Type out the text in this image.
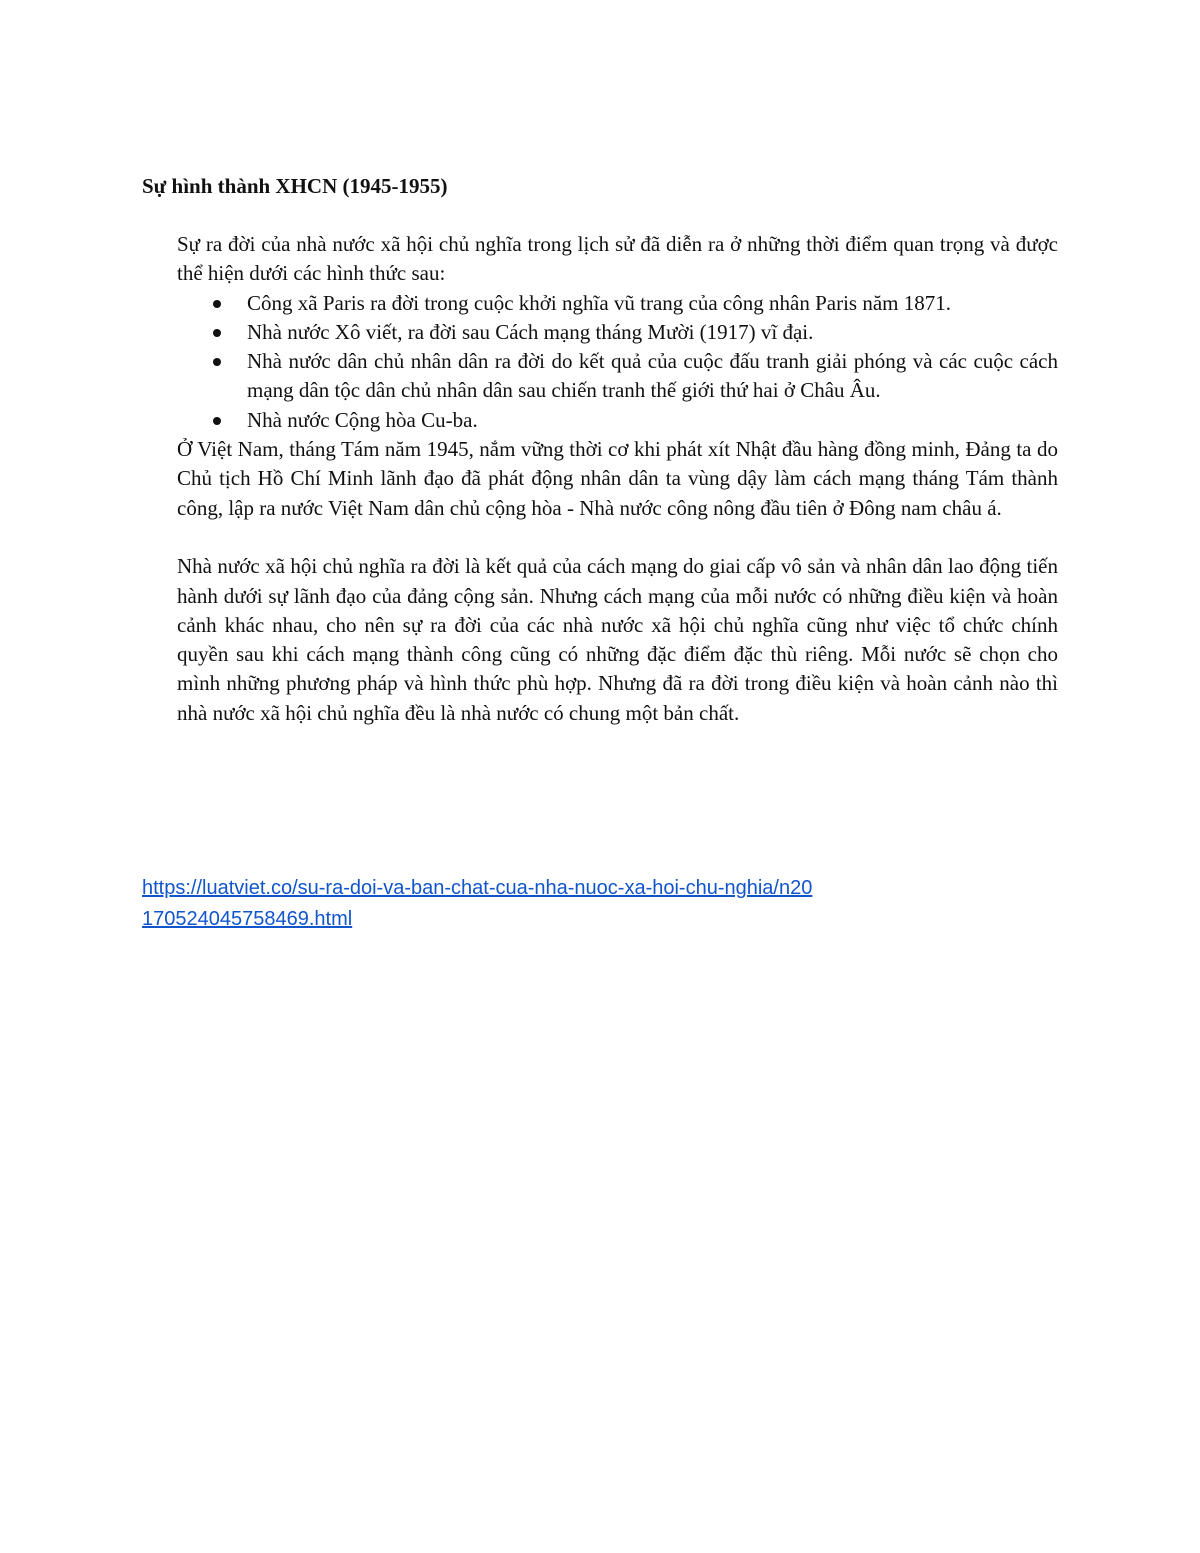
Sự hình thành XHCN (1945-1955)

Sự ra đời của nhà nước xã hội chủ nghĩa trong lịch sử đã diễn ra ở những thời điểm quan trọng và được thể hiện dưới các hình thức sau:

Công xã Paris ra đời trong cuộc khởi nghĩa vũ trang của công nhân Paris năm 1871.
Nhà nước Xô viết, ra đời sau Cách mạng tháng Mười (1917) vĩ đại.
Nhà nước dân chủ nhân dân ra đời do kết quả của cuộc đấu tranh giải phóng và các cuộc cách mạng dân tộc dân chủ nhân dân sau chiến tranh thế giới thứ hai ở Châu Âu.
Nhà nước Cộng hòa Cu-ba.

Ở Việt Nam, tháng Tám năm 1945, nắm vững thời cơ khi phát xít Nhật đầu hàng đồng minh, Đảng ta do Chủ tịch Hồ Chí Minh lãnh đạo đã phát động nhân dân ta vùng dậy làm cách mạng tháng Tám thành công, lập ra nước Việt Nam dân chủ cộng hòa - Nhà nước công nông đầu tiên ở Đông nam châu á.

Nhà nước xã hội chủ nghĩa ra đời là kết quả của cách mạng do giai cấp vô sản và nhân dân lao động tiến hành dưới sự lãnh đạo của đảng cộng sản. Nhưng cách mạng của mỗi nước có những điều kiện và hoàn cảnh khác nhau, cho nên sự ra đời của các nhà nước xã hội chủ nghĩa cũng như việc tổ chức chính quyền sau khi cách mạng thành công cũng có những đặc điểm đặc thù riêng. Mỗi nước sẽ chọn cho mình những phương pháp và hình thức phù hợp. Nhưng đã ra đời trong điều kiện và hoàn cảnh nào thì nhà nước xã hội chủ nghĩa đều là nhà nước có chung một bản chất.

https://luatviet.co/su-ra-doi-va-ban-chat-cua-nha-nuoc-xa-hoi-chu-nghia/n20170524045758469.html
